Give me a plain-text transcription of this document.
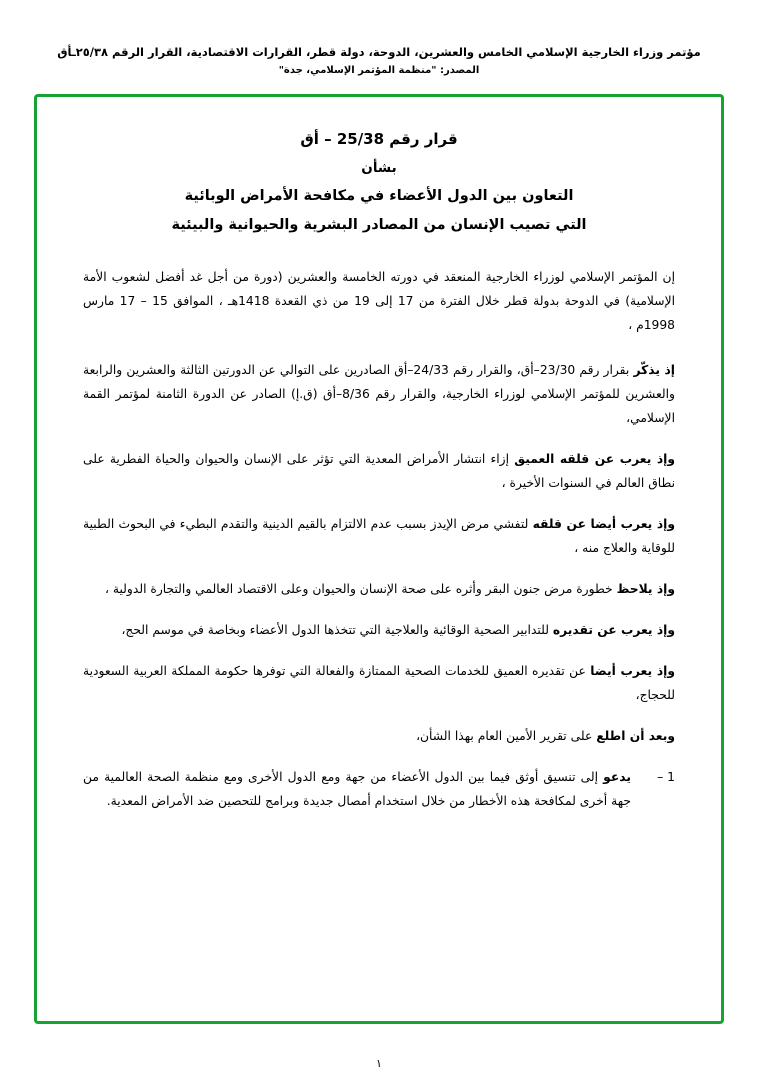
مؤتمر وزراء الخارجية الإسلامي الخامس والعشرين، الدوحة، دولة قطر، القرارات الاقتصادية، القرار الرقم ٢٥/٣٨ـأق
المصدر: "منظمة المؤتمر الإسلامي، جدة"
قرار رقم 25/38 – أق
بشأن
التعاون بين الدول الأعضاء في مكافحة الأمراض الوبائية
التي تصيب الإنسان من المصادر البشرية والحيوانية والبيئية

إن المؤتمر الإسلامي لوزراء الخارجية المنعقد في دورته الخامسة والعشرين (دورة من أجل غد أفضل لشعوب الأمة الإسلامية) في الدوحة بدولة قطر خلال الفترة من 17 إلى 19 من ذي القعدة 1418هـ ، الموافق 15 – 17 مارس 1998م ،

إذ يذكّر بقرار رقم 23/30–أق، والقرار رقم 24/33–أق الصادرين على التوالي عن الدورتين الثالثة والعشرين والرابعة والعشرين للمؤتمر الإسلامي لوزراء الخارجية، والقرار رقم 8/36–أق (ق.إ) الصادر عن الدورة الثامنة لمؤتمر القمة الإسلامي،

وإذ يعرب عن قلقه العميق إزاء انتشار الأمراض المعدية التي تؤثر على الإنسان والحيوان والحياة الفطرية على نطاق العالم في السنوات الأخيرة ،

وإذ يعرب أيضا عن قلقه لتفشي مرض الإيدز بسبب عدم الالتزام بالقيم الدينية والتقدم البطيء في البحوث الطبية للوقاية والعلاج منه ،

وإذ يلاحظ خطورة مرض جنون البقر وأثره على صحة الإنسان والحيوان وعلى الاقتصاد العالمي والتجارة الدولية ،

وإذ يعرب عن تقديره للتدابير الصحية الوقائية والعلاجية التي تتخذها الدول الأعضاء وبخاصة في موسم الحج،

وإذ يعرب أيضا عن تقديره العميق للخدمات الصحية الممتازة والفعالة التي توفرها حكومة المملكة العربية السعودية للحجاج،

وبعد أن اطلع على تقرير الأمين العام بهذا الشأن،

1 –
يدعو إلى تنسيق أوثق فيما بين الدول الأعضاء من جهة ومع الدول الأخرى ومع منظمة الصحة العالمية من جهة أخرى لمكافحة هذه الأخطار من خلال استخدام أمصال جديدة وبرامج للتحصين ضد الأمراض المعدية.
١
